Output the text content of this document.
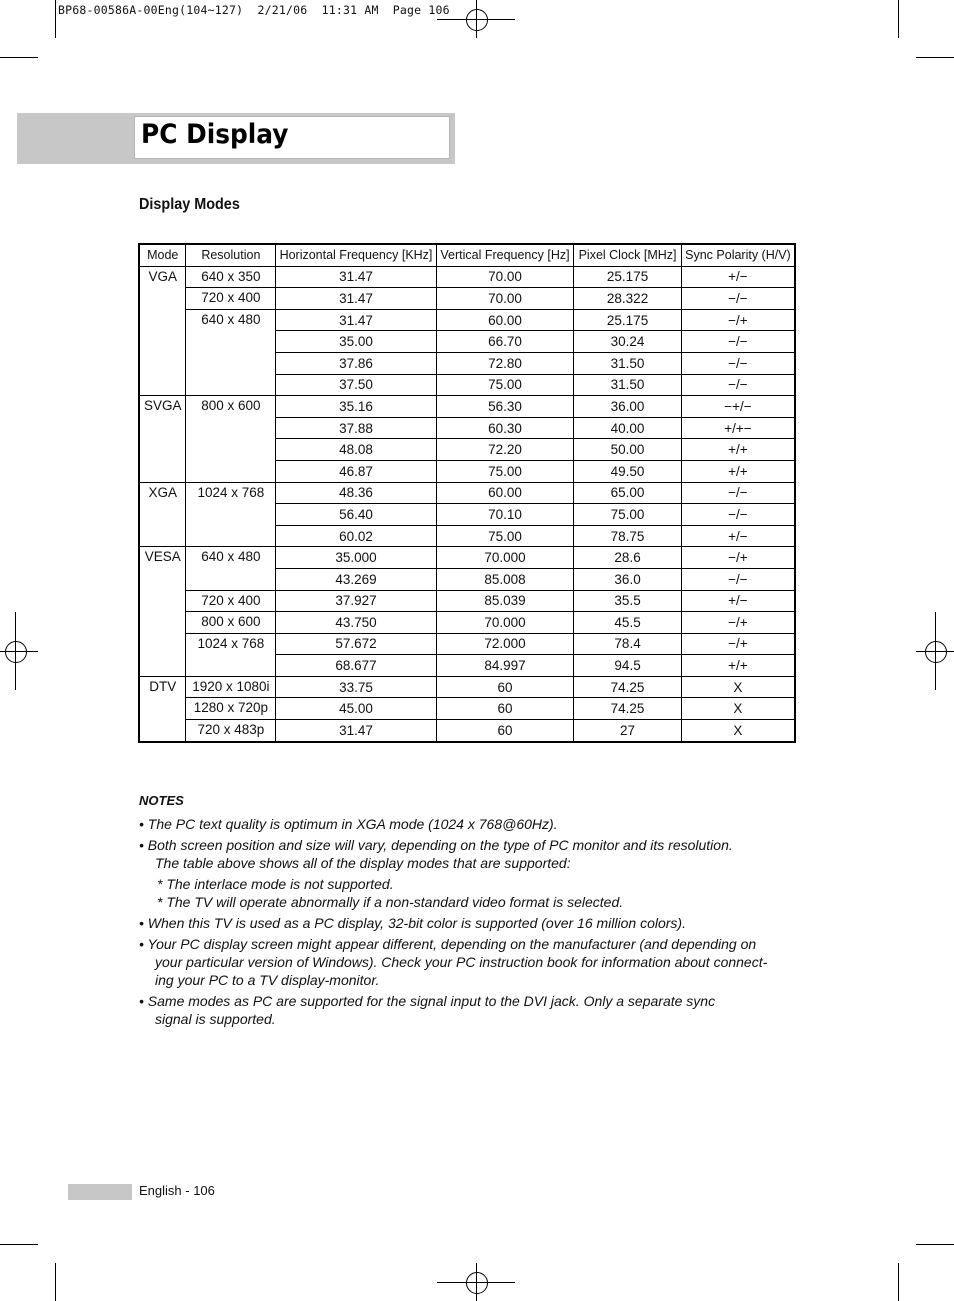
BP68-00586A-00Eng(104~127)  2/21/06  11:31 AM  Page 106
PC Display
Display Modes
Mode	Resolution	Horizontal Frequency [KHz]	Vertical Frequency [Hz]	Pixel Clock [MHz]	Sync Polarity (H/V)
VGA	640 x 350	31.47	70.00	25.175	+/−
	720 x 400	31.47	70.00	28.322	−/−
	640 x 480	31.47	60.00	25.175	−/+
		35.00	66.70	30.24	−/−
		37.86	72.80	31.50	−/−
		37.50	75.00	31.50	−/−
SVGA	800 x 600	35.16	56.30	36.00	−+/−
		37.88	60.30	40.00	+/+−
		48.08	72.20	50.00	+/+
		46.87	75.00	49.50	+/+
XGA	1024 x 768	48.36	60.00	65.00	−/−
		56.40	70.10	75.00	−/−
		60.02	75.00	78.75	+/−
VESA	640 x 480	35.000	70.000	28.6	−/+
		43.269	85.008	36.0	−/−
	720 x 400	37.927	85.039	35.5	+/−
	800 x 600	43.750	70.000	45.5	−/+
	1024 x 768	57.672	72.000	78.4	−/+
		68.677	84.997	94.5	+/+
DTV	1920 x 1080i	33.75	60	74.25	X
	1280 x 720p	45.00	60	74.25	X
	720 x 483p	31.47	60	27	X
NOTES
• The PC text quality is optimum in XGA mode (1024 x 768@60Hz).
• Both screen position and size will vary, depending on the type of PC monitor and its resolution.

The table above shows all of the display modes that are supported:
* The interlace mode is not supported.
* The TV will operate abnormally if a non-standard video format is selected.
• When this TV is used as a PC display, 32-bit color is supported (over 16 million colors).
• Your PC display screen might appear different, depending on the manufacturer (and depending on

your particular version of Windows). Check your PC instruction book for information about connect-
ing your PC to a TV display-monitor.
• Same modes as PC are supported for the signal input to the DVI jack. Only a separate sync

signal is supported.
English - 106
